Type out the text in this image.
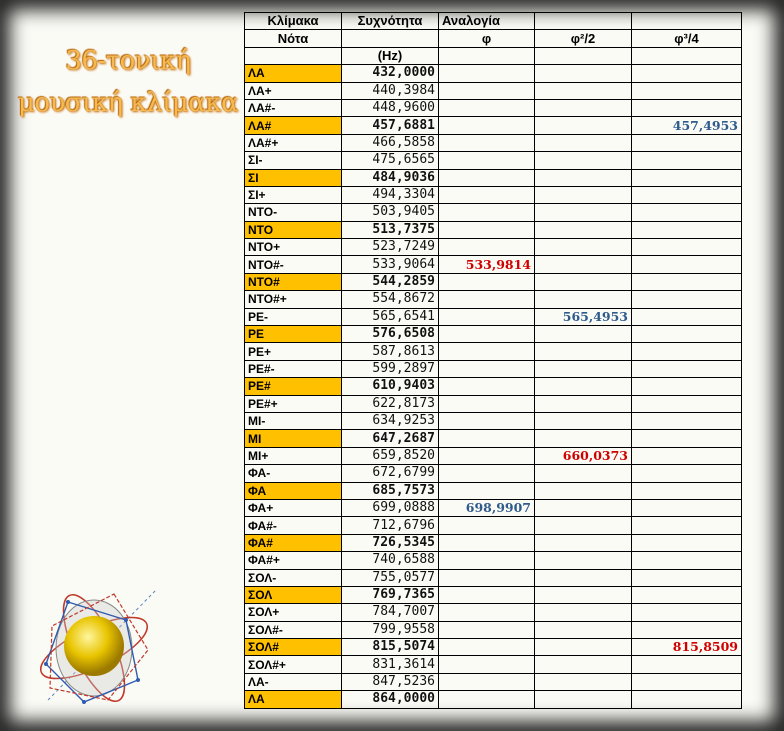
36-τονική
μουσική κλίμακα
Κλίμακα	Συχνότητα	Αναλογία		
Νότα		φ	φ²/2	φ³/4
	(Hz)			
ΛΑ	432,0000			
ΛΑ+	440,3984			
ΛΑ#-	448,9600			
ΛΑ#	457,6881			457,4953
ΛΑ#+	466,5858			
ΣΙ-	475,6565			
ΣΙ	484,9036			
ΣΙ+	494,3304			
ΝΤΟ-	503,9405			
ΝΤΟ	513,7375			
ΝΤΟ+	523,7249			
ΝΤΟ#-	533,9064	533,9814		
ΝΤΟ#	544,2859			
ΝΤΟ#+	554,8672			
ΡΕ-	565,6541		565,4953	
ΡΕ	576,6508			
ΡΕ+	587,8613			
ΡΕ#-	599,2897			
ΡΕ#	610,9403			
ΡΕ#+	622,8173			
ΜΙ-	634,9253			
ΜΙ	647,2687			
ΜΙ+	659,8520		660,0373	
ΦΑ-	672,6799			
ΦΑ	685,7573			
ΦΑ+	699,0888	698,9907		
ΦΑ#-	712,6796			
ΦΑ#	726,5345			
ΦΑ#+	740,6588			
ΣΟΛ-	755,0577			
ΣΟΛ	769,7365			
ΣΟΛ+	784,7007			
ΣΟΛ#-	799,9558			
ΣΟΛ#	815,5074			815,8509
ΣΟΛ#+	831,3614			
ΛΑ-	847,5236			
ΛΑ	864,0000			
